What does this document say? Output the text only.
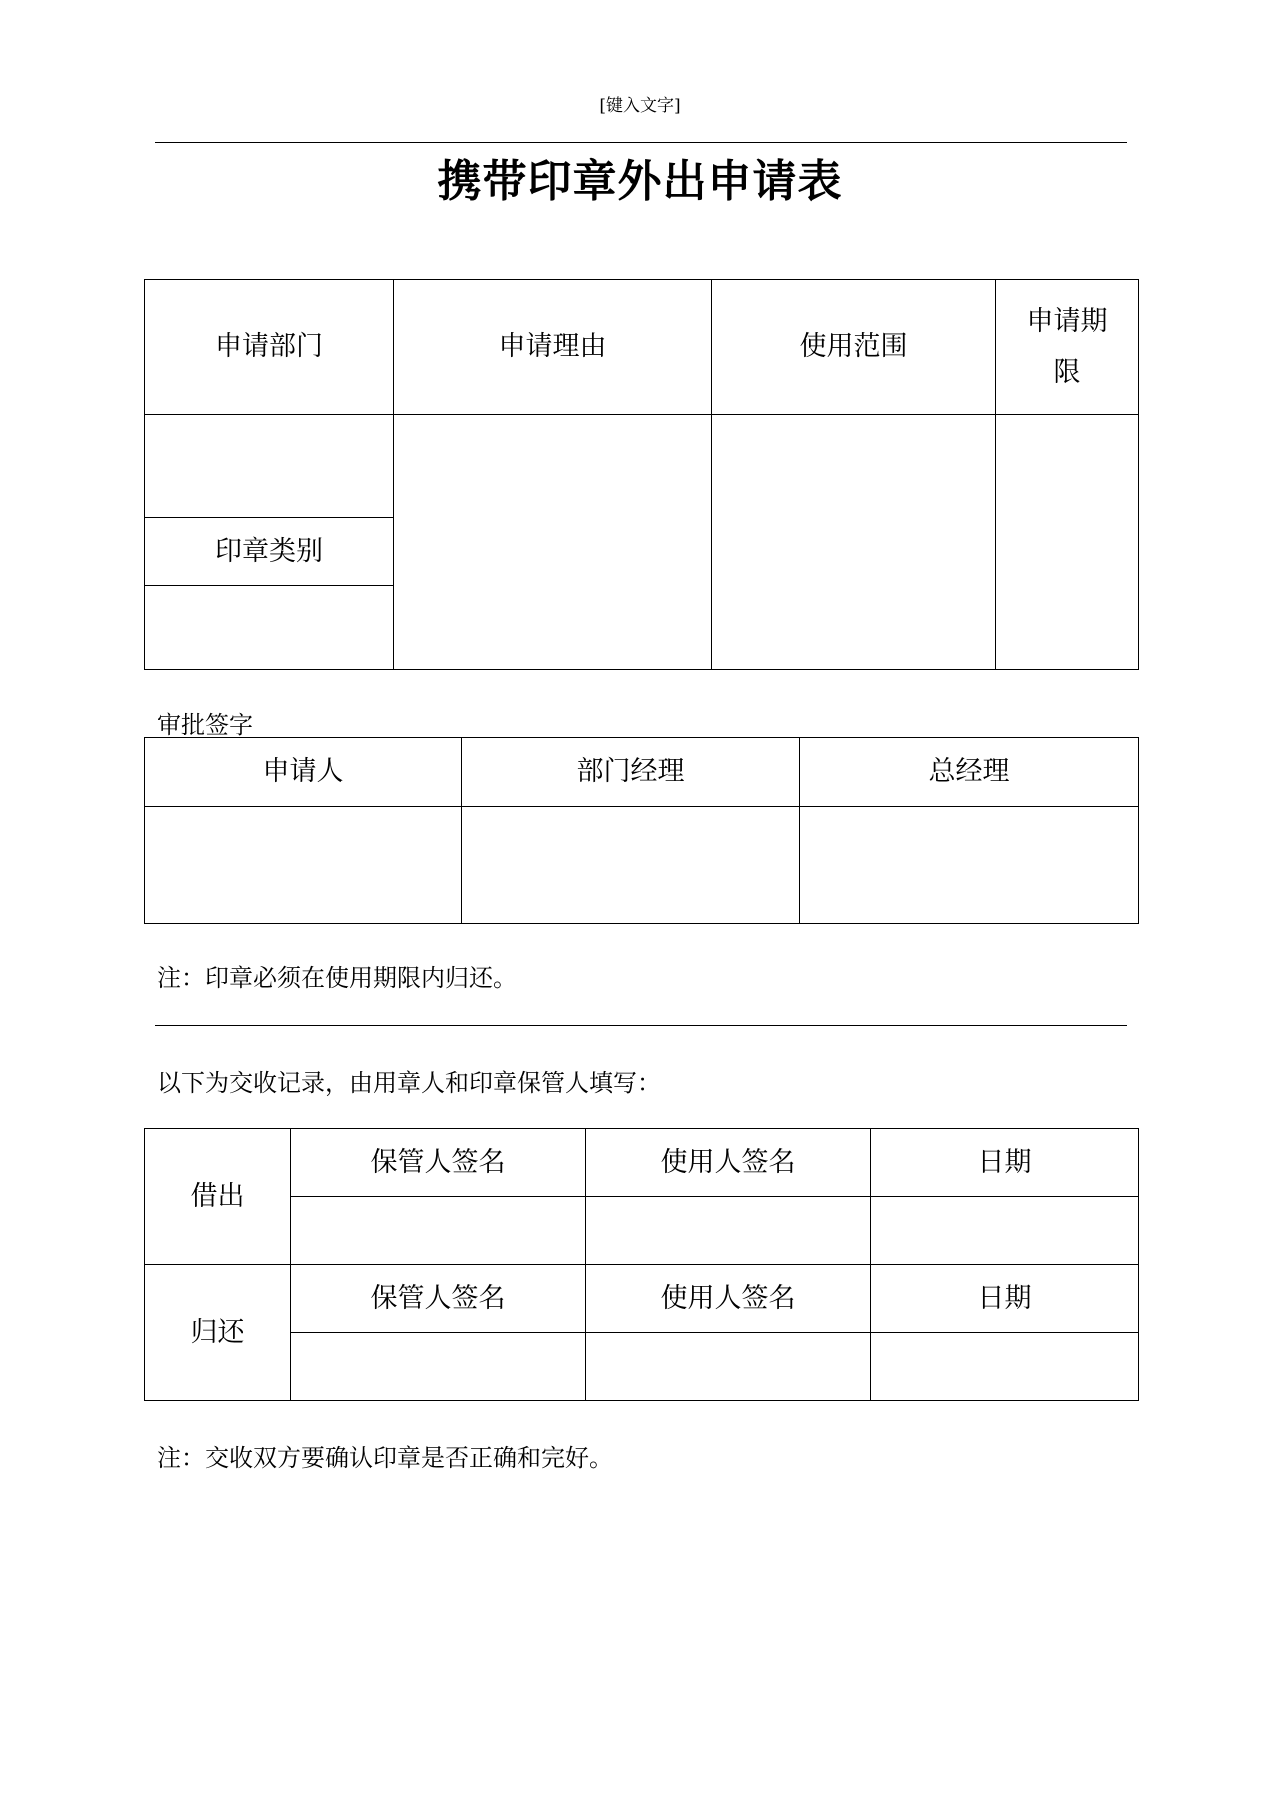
[键入文字]
携带印章外出申请表
申请部门	申请理由	使用范围	申请期
限

印章类别			

审批签字
申请人	部门经理	总经理

注：印章必须在使用期限内归还。
以下为交收记录，由用章人和印章保管人填写：
借出	保管人签名	使用人签名	日期

归还	保管人签名	使用人签名	日期

注：交收双方要确认印章是否正确和完好。
